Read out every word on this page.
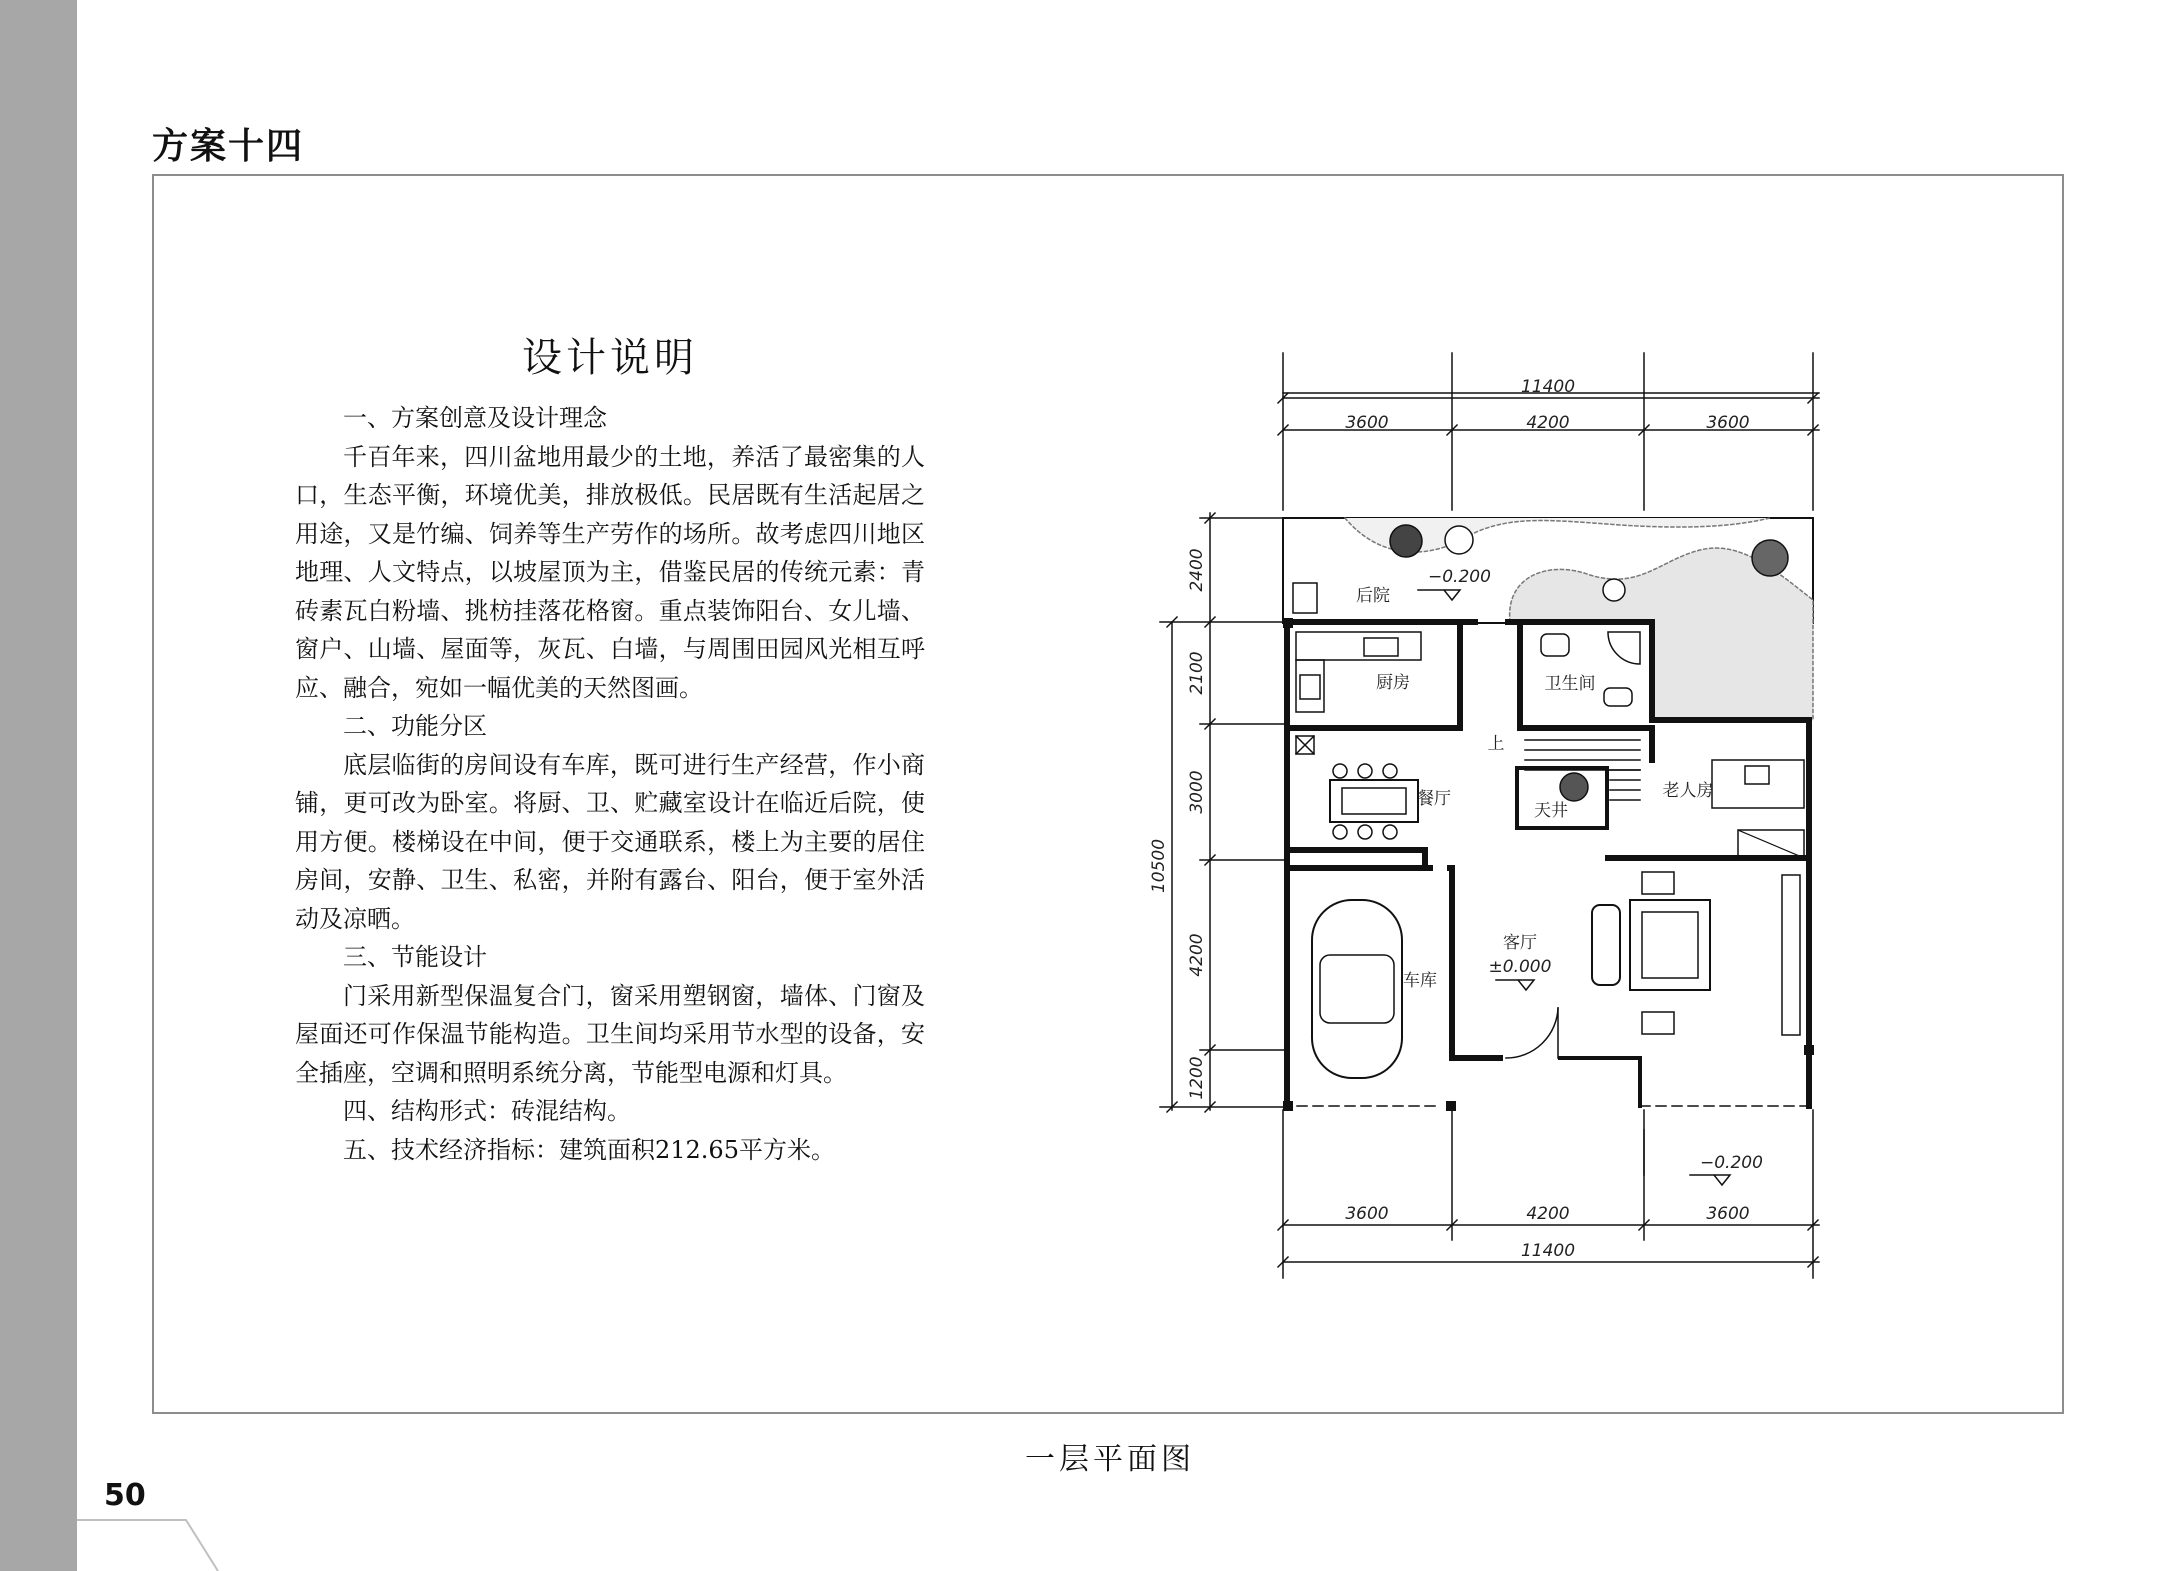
50
方案十四
设计说明

一、方案创意及设计理念

千百年来，四川盆地用最少的土地，养活了最密集的人口，生态平衡，环境优美，排放极低。民居既有生活起居之用途，又是竹编、饲养等生产劳作的场所。故考虑四川地区地理、人文特点，以坡屋顶为主，借鉴民居的传统元素：青砖素瓦白粉墙、挑枋挂落花格窗。重点装饰阳台、女儿墙、窗户、山墙、屋面等，灰瓦、白墙，与周围田园风光相互呼应、融合，宛如一幅优美的天然图画。

二、功能分区

底层临街的房间设有车库，既可进行生产经营，作小商铺，更可改为卧室。将厨、卫、贮藏室设计在临近后院，使用方便。楼梯设在中间，便于交通联系，楼上为主要的居住房间，安静、卫生、私密，并附有露台、阳台，便于室外活动及凉晒。

三、节能设计

门采用新型保温复合门，窗采用塑钢窗，墙体、门窗及屋面还可作保温节能构造。卫生间均采用节水型的设备，安全插座，空调和照明系统分离，节能型电源和灯具。

四、结构形式：砖混结构。

五、技术经济指标：建筑面积212.65平方米。

11400
3600	4200	3600
3600	4200	3600
11400
2400
2100
3000
4200
1200
10500
后院
−0.200
厨房	卫生间
上
天井
餐厅	老人房
车库
客厅
±0.000
−0.200
一层平面图
